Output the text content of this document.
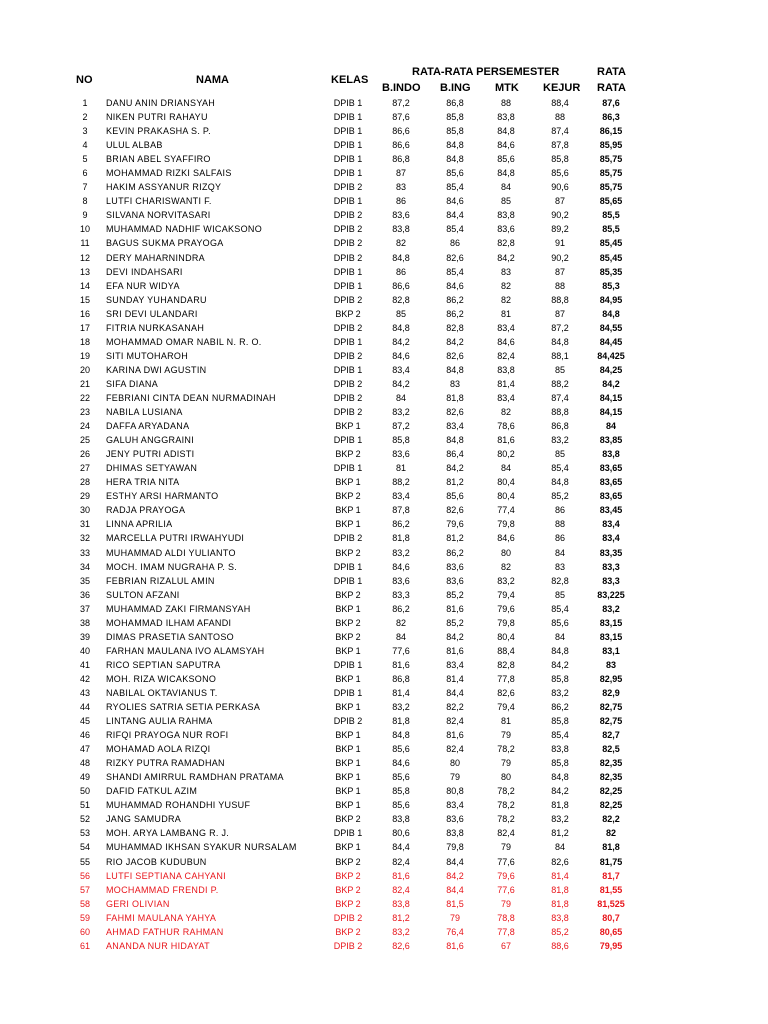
NO	NAMA	KELAS
RATA-RATA PERSEMESTER
B.INDO B.ING MTK KEJUR
RATA
RATA
1	DANU ANIN DRIANSYAH	DPIB 1	87,2	86,8	88	88,4	87,6
2	NIKEN PUTRI RAHAYU	DPIB 1	87,6	85,8	83,8	88	86,3
3	KEVIN PRAKASHA S. P.	DPIB 1	86,6	85,8	84,8	87,4	86,15
4	ULUL ALBAB	DPIB 1	86,6	84,8	84,6	87,8	85,95
5	BRIAN ABEL SYAFFIRO	DPIB 1	86,8	84,8	85,6	85,8	85,75
6	MOHAMMAD RIZKI SALFAIS	DPIB 1	87	85,6	84,8	85,6	85,75
7	HAKIM ASSYANUR RIZQY	DPIB 2	83	85,4	84	90,6	85,75
8	LUTFI CHARISWANTI F.	DPIB 1	86	84,6	85	87	85,65
9	SILVANA NORVITASARI	DPIB 2	83,6	84,4	83,8	90,2	85,5
10	MUHAMMAD NADHIF WICAKSONO	DPIB 2	83,8	85,4	83,6	89,2	85,5
11	BAGUS SUKMA PRAYOGA	DPIB 2	82	86	82,8	91	85,45
12	DERY MAHARNINDRA	DPIB 2	84,8	82,6	84,2	90,2	85,45
13	DEVI INDAHSARI	DPIB 1	86	85,4	83	87	85,35
14	EFA NUR WIDYA	DPIB 1	86,6	84,6	82	88	85,3
15	SUNDAY YUHANDARU	DPIB 2	82,8	86,2	82	88,8	84,95
16	SRI DEVI ULANDARI	BKP 2	85	86,2	81	87	84,8
17	FITRIA NURKASANAH	DPIB 2	84,8	82,8	83,4	87,2	84,55
18	MOHAMMAD OMAR NABIL N. R. O.	DPIB 1	84,2	84,2	84,6	84,8	84,45
19	SITI MUTOHAROH	DPIB 2	84,6	82,6	82,4	88,1	84,425
20	KARINA DWI AGUSTIN	DPIB 1	83,4	84,8	83,8	85	84,25
21	SIFA DIANA	DPIB 2	84,2	83	81,4	88,2	84,2
22	FEBRIANI CINTA DEAN NURMADINAH	DPIB 2	84	81,8	83,4	87,4	84,15
23	NABILA LUSIANA	DPIB 2	83,2	82,6	82	88,8	84,15
24	DAFFA ARYADANA	BKP 1	87,2	83,4	78,6	86,8	84
25	GALUH ANGGRAINI	DPIB 1	85,8	84,8	81,6	83,2	83,85
26	JENY PUTRI ADISTI	BKP 2	83,6	86,4	80,2	85	83,8
27	DHIMAS SETYAWAN	DPIB 1	81	84,2	84	85,4	83,65
28	HERA TRIA NITA	BKP 1	88,2	81,2	80,4	84,8	83,65
29	ESTHY ARSI HARMANTO	BKP 2	83,4	85,6	80,4	85,2	83,65
30	RADJA PRAYOGA	BKP 1	87,8	82,6	77,4	86	83,45
31	LINNA APRILIA	BKP 1	86,2	79,6	79,8	88	83,4
32	MARCELLA PUTRI IRWAHYUDI	DPIB 2	81,8	81,2	84,6	86	83,4
33	MUHAMMAD ALDI YULIANTO	BKP 2	83,2	86,2	80	84	83,35
34	MOCH. IMAM NUGRAHA P. S.	DPIB 1	84,6	83,6	82	83	83,3
35	FEBRIAN RIZALUL AMIN	DPIB 1	83,6	83,6	83,2	82,8	83,3
36	SULTON AFZANI	BKP 2	83,3	85,2	79,4	85	83,225
37	MUHAMMAD ZAKI FIRMANSYAH	BKP 1	86,2	81,6	79,6	85,4	83,2
38	MOHAMMAD ILHAM AFANDI	BKP 2	82	85,2	79,8	85,6	83,15
39	DIMAS PRASETIA SANTOSO	BKP 2	84	84,2	80,4	84	83,15
40	FARHAN MAULANA IVO ALAMSYAH	BKP 1	77,6	81,6	88,4	84,8	83,1
41	RICO SEPTIAN SAPUTRA	DPIB 1	81,6	83,4	82,8	84,2	83
42	MOH. RIZA WICAKSONO	BKP 1	86,8	81,4	77,8	85,8	82,95
43	NABILAL OKTAVIANUS T.	DPIB 1	81,4	84,4	82,6	83,2	82,9
44	RYOLIES SATRIA SETIA PERKASA	BKP 1	83,2	82,2	79,4	86,2	82,75
45	LINTANG AULIA RAHMA	DPIB 2	81,8	82,4	81	85,8	82,75
46	RIFQI PRAYOGA NUR ROFI	BKP 1	84,8	81,6	79	85,4	82,7
47	MOHAMAD AOLA RIZQI	BKP 1	85,6	82,4	78,2	83,8	82,5
48	RIZKY PUTRA RAMADHAN	BKP 1	84,6	80	79	85,8	82,35
49	SHANDI AMIRRUL RAMDHAN PRATAMA	BKP 1	85,6	79	80	84,8	82,35
50	DAFID FATKUL AZIM	BKP 1	85,8	80,8	78,2	84,2	82,25
51	MUHAMMAD ROHANDHI YUSUF	BKP 1	85,6	83,4	78,2	81,8	82,25
52	JANG SAMUDRA	BKP 2	83,8	83,6	78,2	83,2	82,2
53	MOH. ARYA LAMBANG R. J.	DPIB 1	80,6	83,8	82,4	81,2	82
54	MUHAMMAD IKHSAN SYAKUR NURSALAM	BKP 1	84,4	79,8	79	84	81,8
55	RIO JACOB KUDUBUN	BKP 2	82,4	84,4	77,6	82,6	81,75
56	LUTFI SEPTIANA CAHYANI	BKP 2	81,6	84,2	79,6	81,4	81,7
57	MOCHAMMAD FRENDI P.	BKP 2	82,4	84,4	77,6	81,8	81,55
58	GERI OLIVIAN	BKP 2	83,8	81,5	79	81,8	81,525
59	FAHMI MAULANA YAHYA	DPIB 2	81,2	79	78,8	83,8	80,7
60	AHMAD FATHUR RAHMAN	BKP 2	83,2	76,4	77,8	85,2	80,65
61	ANANDA NUR HIDAYAT	DPIB 2	82,6	81,6	67	88,6	79,95
